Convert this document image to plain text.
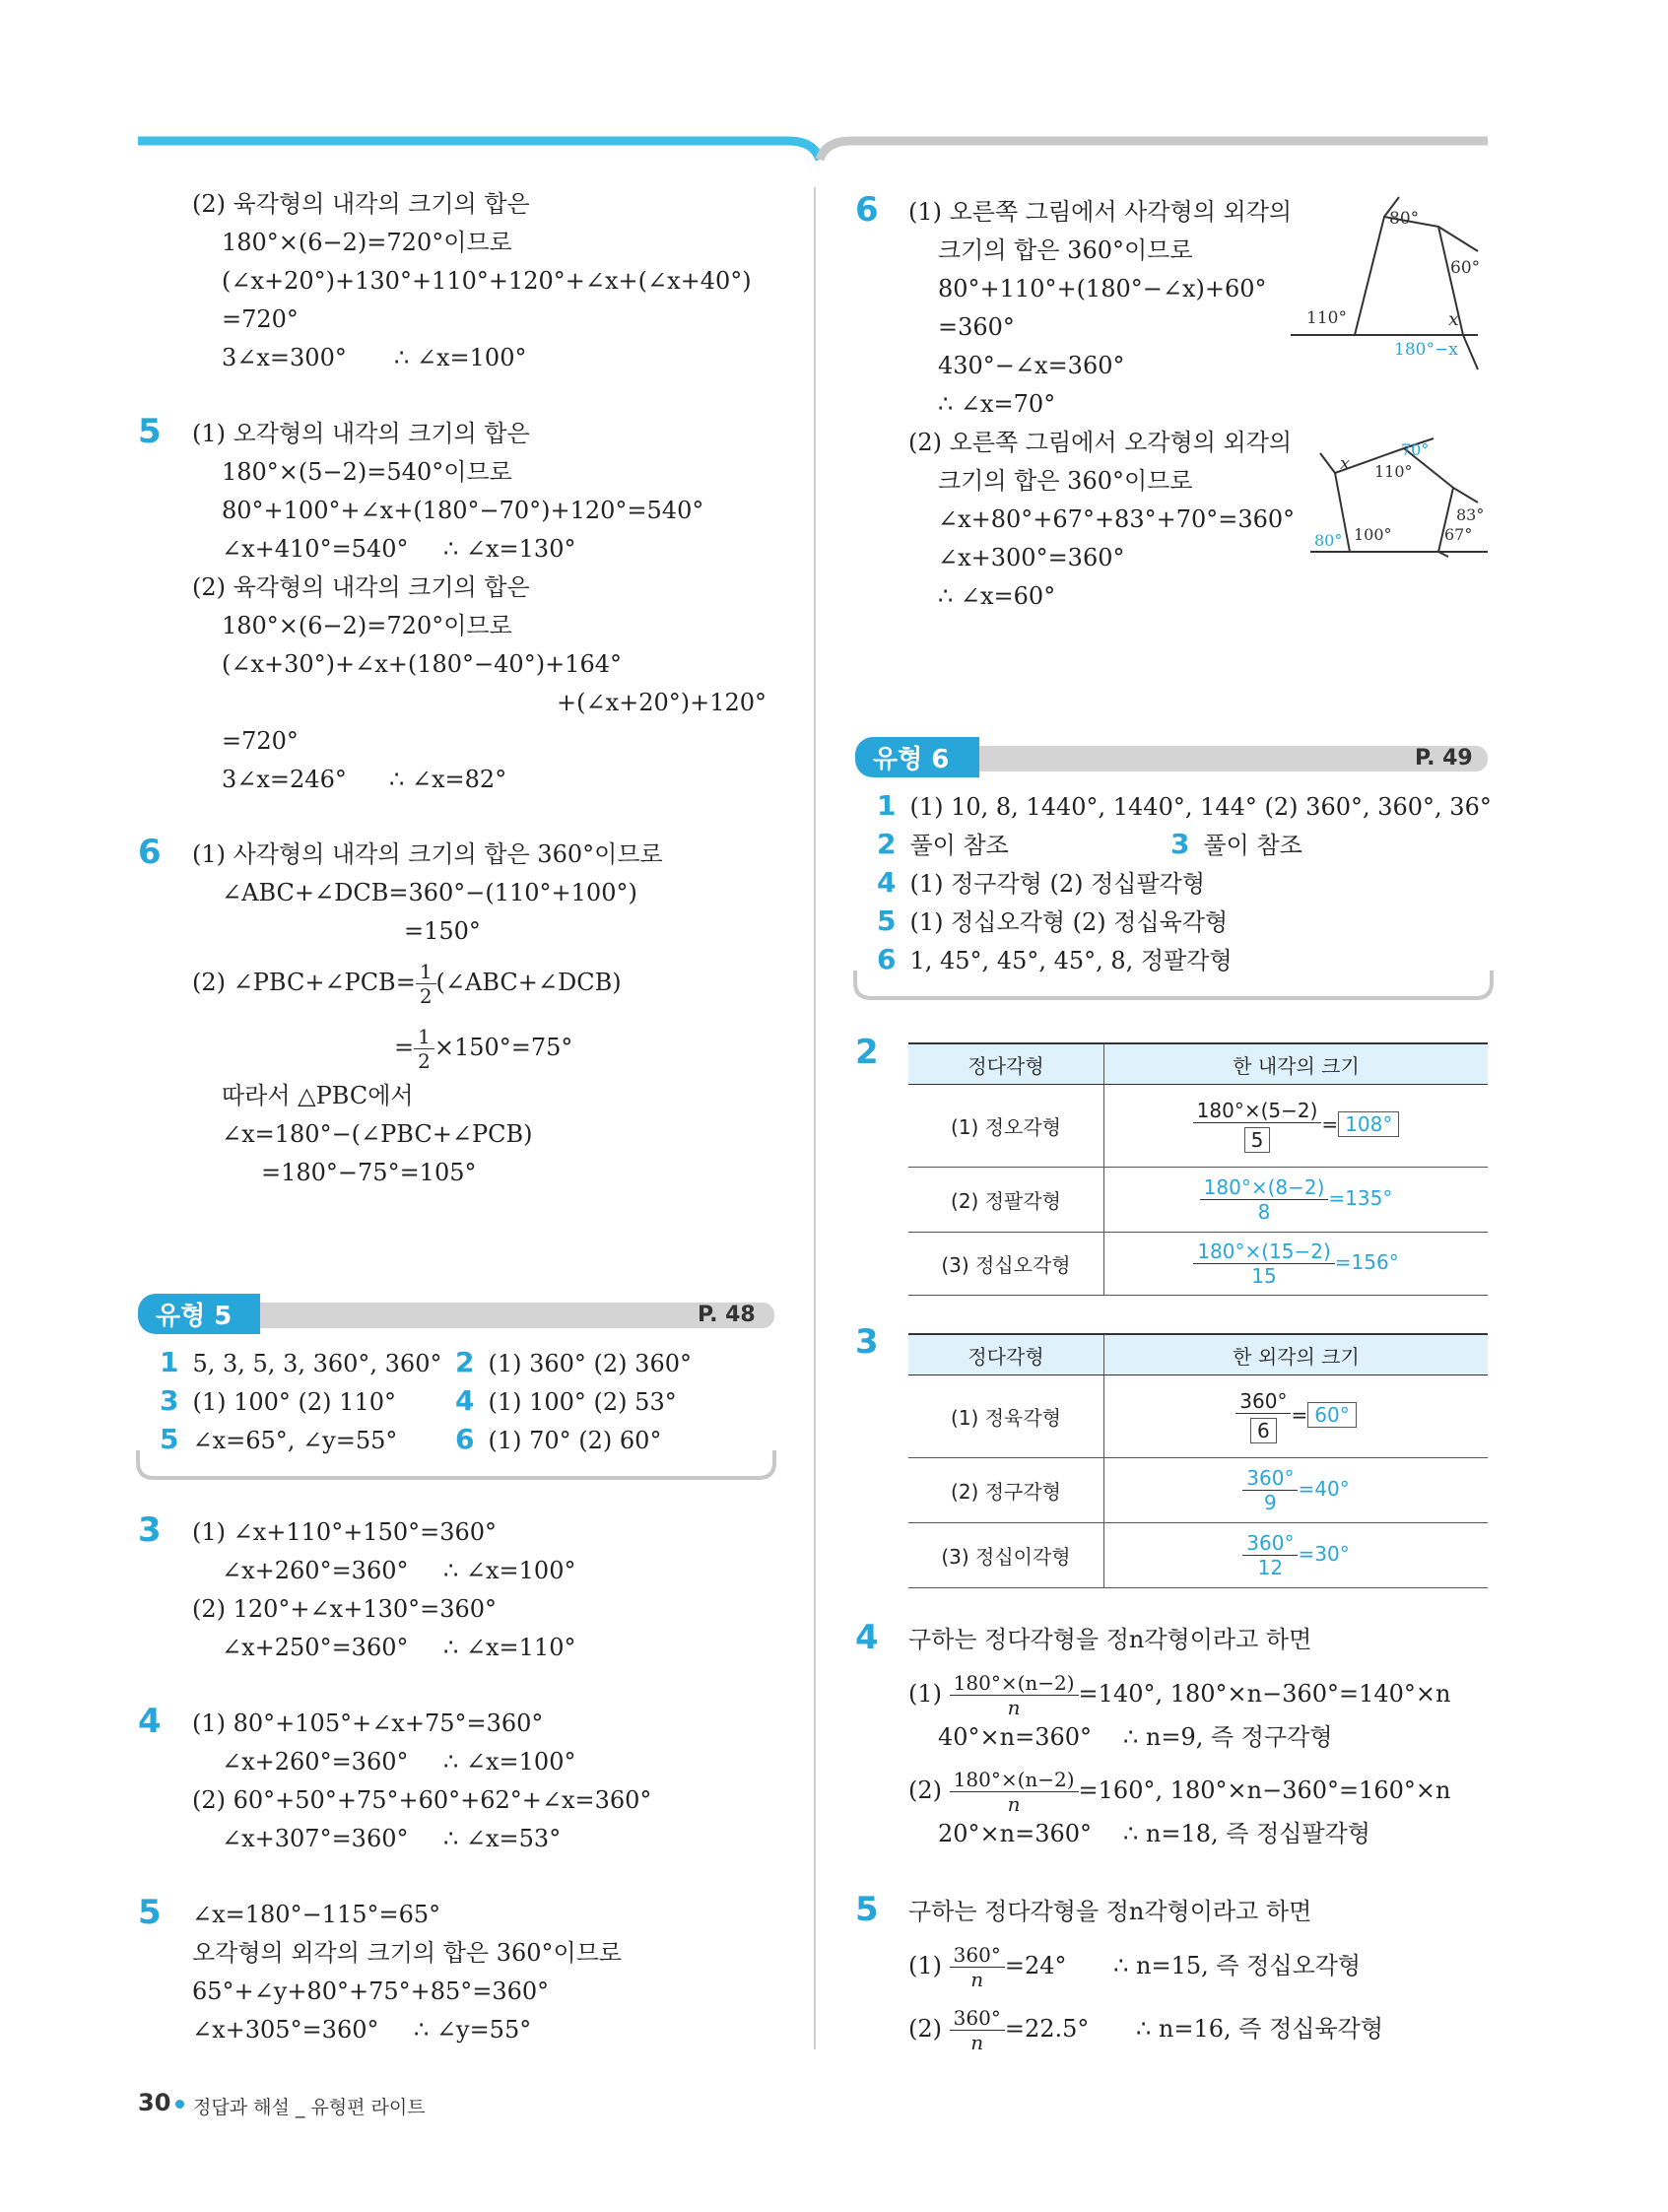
(2) 육각형의 내각의 크기의 합은
180°×(6−2)=720°이므로
(∠x+20°)+130°+110°+120°+∠x+(∠x+40°)
=720°
3∠x=300° ∴ ∠x=100°
5 (1) 오각형의 내각의 크기의 합은
180°×(5−2)=540°이므로
80°+100°+∠x+(180°−70°)+120°=540°
∠x+410°=540° ∴ ∠x=130°
(2) 육각형의 내각의 크기의 합은
180°×(6−2)=720°이므로
(∠x+30°)+∠x+(180°−40°)+164°
+(∠x+20°)+120°
=720°
3∠x=246° ∴ ∠x=82°
6 (1) 사각형의 내각의 크기의 합은 360°이므로
∠ABC+∠DCB=360°−(110°+100°)
=150°
(2) ∠PBC+∠PCB= $\frac{1}{2}$ (∠ABC+∠DCB)
= $\frac{1}{2} \times 150^\circ=75^\circ$
따라서 △PBC에서
∠x=180°−(∠PBC+∠PCB)
=180°−75°=105°
유형 5	P. 48
1 5, 3, 5, 3, 360°, 360° 2 (1) 360° (2) 360°
3 (1) 100° (2) 110° 4 (1) 100° (2) 53°
5 ∠x=65°, ∠y=55° 6 (1) 70° (2) 60°
3 (1) ∠x+110°+150°=360°
∠x+260°=360° ∴ ∠x=100°
(2) 120°+∠x+130°=360°
∠x+250°=360° ∴ ∠x=110°
4 (1) 80°+105°+∠x+75°=360°
∠x+260°=360° ∴ ∠x=100°
(2) 60°+50°+75°+60°+62°+∠x=360°
∠x+307°=360° ∴ ∠x=53°
5 ∠x=180°−115°=65°
오각형의 외각의 크기의 합은 360°이므로
65°+∠y+80°+75°+85°=360°
∠x+305°=360° ∴ ∠y=55°
6 (1) 오른쪽 그림에서 사각형의 외각의
크기의 합은 360°이므로
80°+110°+(180°−∠x)+60°
=360°
430°−∠x=360°
∴ ∠x=70°
(2) 오른쪽 그림에서 오각형의 외각의
크기의 합은 360°이므로
∠x+80°+67°+83°+70°=360°
∠x+300°=360°
∴ ∠x=60°
80°
60°
110°	x
180°−x
x
70°
110°
83°
67°
80° 100°
유형 6	P. 49
1 (1) 10, 8, 1440°, 1440°, 144° (2) 360°, 360°, 36°
2 풀이 참조	3 풀이 참조
4 (1) 정구각형 (2) 정십팔각형
5 (1) 정십오각형 (2) 정십육각형
6 1, 45°, 45°, 45°, 8, 정팔각형
2	정다각형	한 내각의 크기
(1) 정오각형	$\frac{180^\circ\times(5-2)}{5} = 108^\circ$
(2) 정팔각형	$\frac{180^\circ\times(8-2)}{8} =135^\circ$
(3) 정십오각형	$\frac{180^\circ\times(15-2)}{15} =156^\circ$
3	정다각형	한 외각의 크기
(1) 정육각형	$\frac{360^\circ}{6} = 60^\circ$
(2) 정구각형	$\frac{360^\circ}{9} =40^\circ$
(3) 정십이각형	$\frac{360^\circ}{12} =30^\circ$
4 구하는 정다각형을 정n각형이라고 하면
$(1) \frac{180^\circ\times(n-2)}{n} =140^\circ$, 180°×n−360°=140°×n
40°×n=360° ∴ n=9, 즉 정구각형
$(2) \frac{180^\circ\times(n-2)}{n} =160^\circ$, 180°×n−360°=160°×n
20°×n=360° ∴ n=18, 즉 정십팔각형
5 구하는 정다각형을 정n각형이라고 하면
$(1) \frac{360^\circ}{n} =24^\circ$ ∴ n=15, 즉 정십오각형
$(2) \frac{360^\circ}{n} =22.5^\circ$ ∴ n=16, 즉 정십육각형
30 정답과 해설 _ 유형편 라이트
